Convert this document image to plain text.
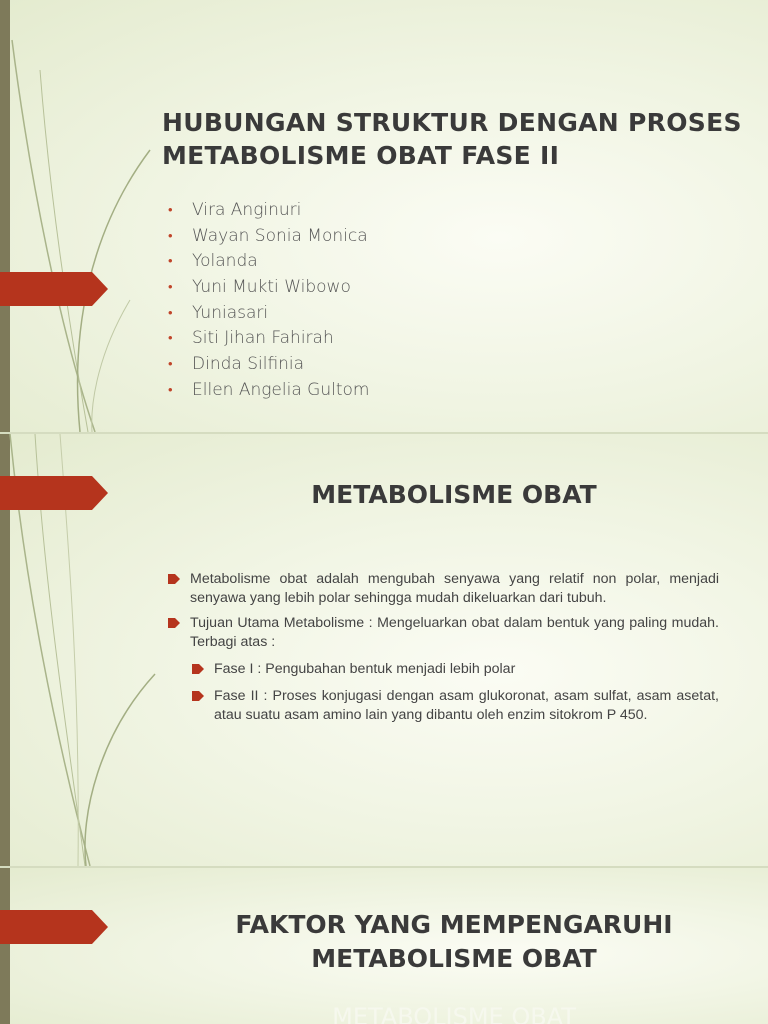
HUBUNGAN STRUKTUR DENGAN PROSES
METABOLISME OBAT FASE II
• Vira Anginuri
• Wayan Sonia Monica
• Yolanda
• Yuni Mukti Wibowo
• Yuniasari
• Siti Jihan Fahirah
• Dinda Silfinia
• Ellen Angelia Gultom
METABOLISME OBAT
Metabolisme obat adalah mengubah senyawa yang relatif non polar, menjadi senyawa yang lebih polar sehingga mudah dikeluarkan dari tubuh.
Tujuan Utama Metabolisme : Mengeluarkan obat dalam bentuk yang paling mudah. Terbagi atas :
Fase I : Pengubahan bentuk menjadi lebih polar
Fase II : Proses konjugasi dengan asam glukoronat, asam sulfat, asam asetat, atau suatu asam amino lain yang dibantu oleh enzim sitokrom P 450.
FAKTOR YANG MEMPENGARUHI
METABOLISME OBAT
METABOLISME OBAT
